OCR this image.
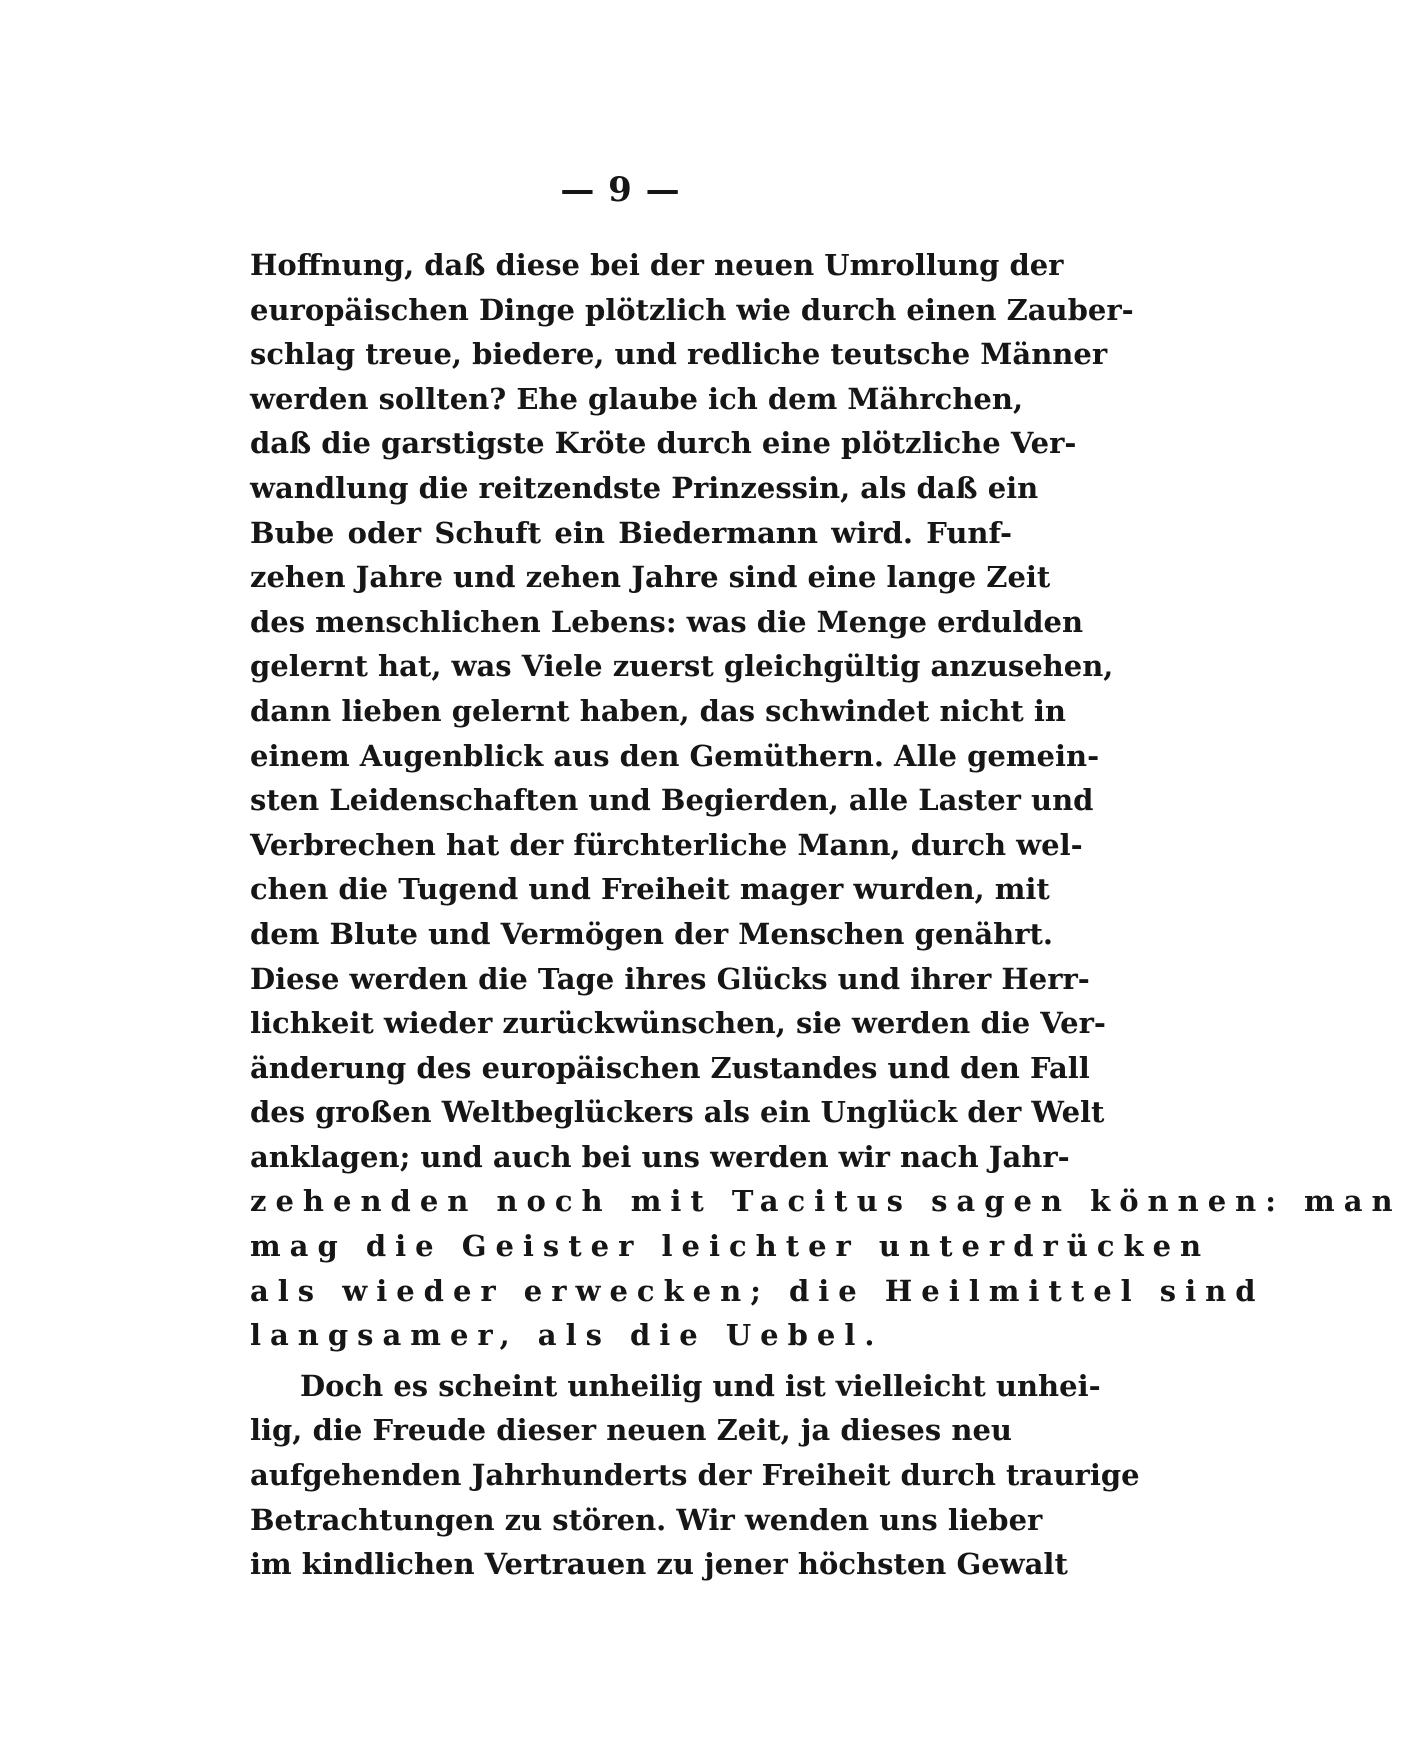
— 9 —
Hoffnung, daß diese bei der neuen Umrollung der
europäischen Dinge plötzlich wie durch einen Zauber-
schlag treue, biedere, und redliche teutsche Männer
werden sollten? Ehe glaube ich dem Mährchen,
daß die garstigste Kröte durch eine plötzliche Ver-
wandlung die reitzendste Prinzessin, als daß ein
Bube oder Schuft ein Biedermann wird. Funf-
zehen Jahre und zehen Jahre sind eine lange Zeit
des menschlichen Lebens: was die Menge erdulden
gelernt hat, was Viele zuerst gleichgültig anzusehen,
dann lieben gelernt haben, das schwindet nicht in
einem Augenblick aus den Gemüthern. Alle gemein-
sten Leidenschaften und Begierden, alle Laster und
Verbrechen hat der fürchterliche Mann, durch wel-
chen die Tugend und Freiheit mager wurden, mit
dem Blute und Vermögen der Menschen genährt.
Diese werden die Tage ihres Glücks und ihrer Herr-
lichkeit wieder zurückwünschen, sie werden die Ver-
änderung des europäischen Zustandes und den Fall
des großen Weltbeglückers als ein Unglück der Welt
anklagen; und auch bei uns werden wir nach Jahr-
zehenden noch mit Tacitus sagen können: man
mag die Geister leichter unterdrücken
als wieder erwecken; die Heilmittel sind
langsamer, als die Uebel.
Doch es scheint unheilig und ist vielleicht unhei-
lig, die Freude dieser neuen Zeit, ja dieses neu
aufgehenden Jahrhunderts der Freiheit durch traurige
Betrachtungen zu stören. Wir wenden uns lieber
im kindlichen Vertrauen zu jener höchsten Gewalt
